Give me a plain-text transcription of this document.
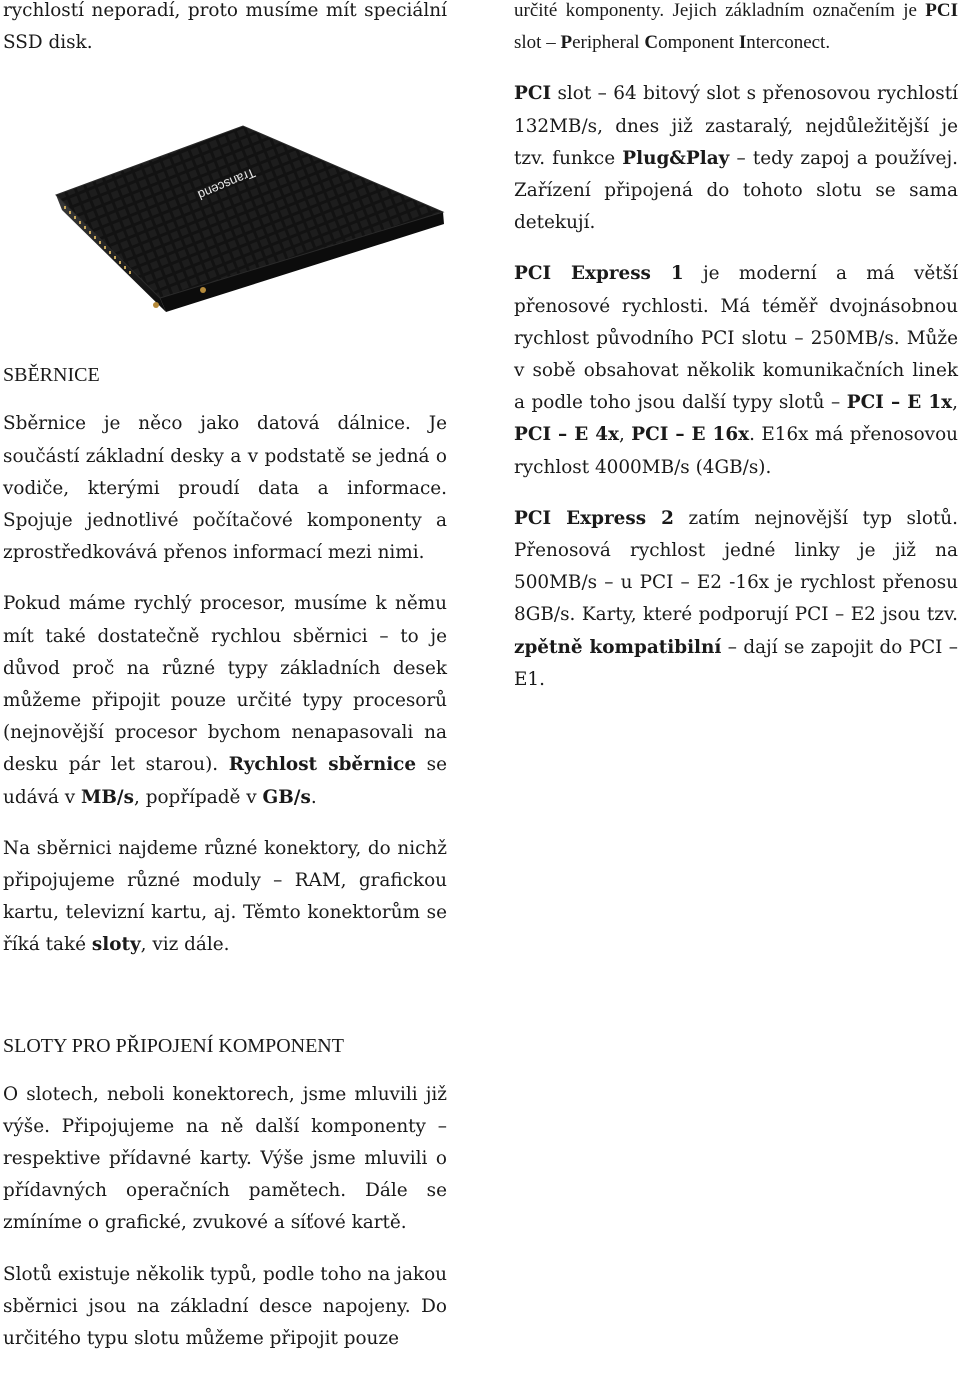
rychlostí neporadí, proto musíme mít speciální SSD disk.

SBĚRNICE

Sběrnice je něco jako datová dálnice. Je součástí základní desky a v podstatě se jedná o vodiče, kterými proudí data a informace. Spojuje jednotlivé počítačové komponenty a zprostředkovává přenos informací mezi nimi.

Pokud máme rychlý procesor, musíme k němu mít také dostatečně rychlou sběrnici – to je důvod proč na různé typy základních desek můžeme připojit pouze určité typy procesorů (nejnovější procesor bychom nenapasovali na desku pár let starou). Rychlost sběrnice se udává v MB/s, popřípadě v GB/s.

Na sběrnici najdeme různé konektory, do nichž připojujeme různé moduly – RAM, grafickou kartu, televizní kartu, aj. Těmto konektorům se říká také sloty, viz dále.

SLOTY PRO PŘIPOJENÍ KOMPONENT

O slotech, neboli konektorech, jsme mluvili již výše. Připojujeme na ně další komponenty – respektive přídavné karty. Výše jsme mluvili o přídavných operačních pamětech. Dále se zmíníme o grafické, zvukové a síťové kartě.

Slotů existuje několik typů, podle toho na jakou sběrnici jsou na základní desce napojeny. Do určitého typu slotu můžeme připojit pouze

určité komponenty. Jejich základním označením je PCI slot – Peripheral Component Interconect.

PCI slot – 64 bitový slot s přenosovou rychlostí 132MB/s, dnes již zastaralý, nejdůležitější je tzv. funkce Plug&Play – tedy zapoj a používej. Zařízení připojená do tohoto slotu se sama detekují.

PCI Express 1 je moderní a má větší přenosové rychlosti. Má téměř dvojnásobnou rychlost původního PCI slotu – 250MB/s. Může v sobě obsahovat několik komunikačních linek a podle toho jsou další typy slotů – PCI – E 1x, PCI – E 4x, PCI – E 16x. E16x má přenosovou rychlost 4000MB/s (4GB/s).

PCI Express 2 zatím nejnovější typ slotů. Přenosová rychlost jedné linky je již na 500MB/s – u PCI – E2 -16x je rychlost přenosu 8GB/s. Karty, které podporují PCI – E2 jsou tzv. zpětně kompatibilní – dají se zapojit do PCI – E1.

Transcend
